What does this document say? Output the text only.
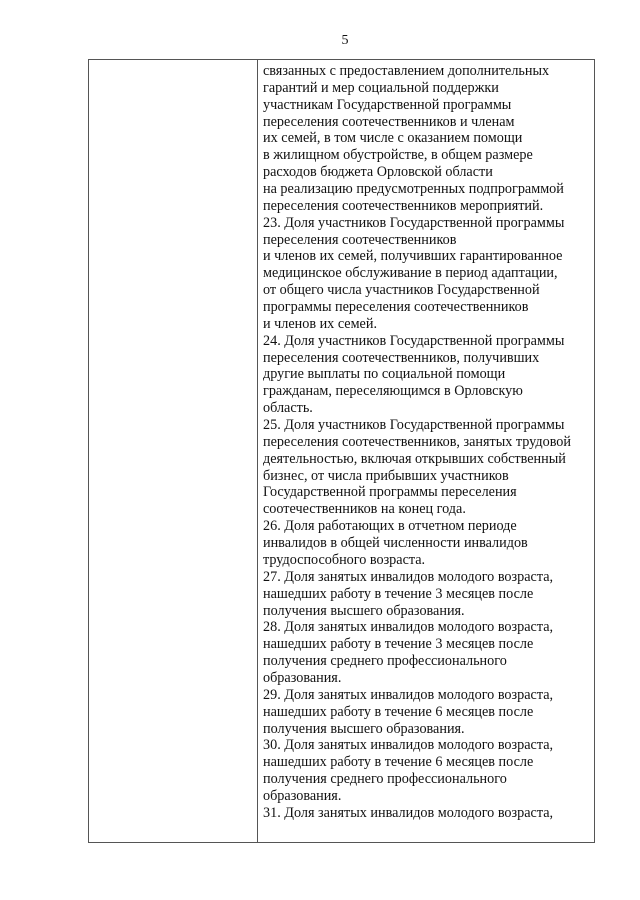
5
связанных с предоставлением дополнительных
гарантий и мер социальной поддержки
участникам Государственной программы
переселения соотечественников и членам
их семей, в том числе с оказанием помощи
в жилищном обустройстве, в общем размере
расходов бюджета Орловской области
на реализацию предусмотренных подпрограммой
переселения соотечественников мероприятий.
23. Доля участников Государственной программы
переселения соотечественников
и членов их семей, получивших гарантированное
медицинское обслуживание в период адаптации,
от общего числа участников Государственной
программы переселения соотечественников
и членов их семей.
24. Доля участников Государственной программы
переселения соотечественников, получивших
другие выплаты по социальной помощи
гражданам, переселяющимся в Орловскую
область.
25. Доля участников Государственной программы
переселения соотечественников, занятых трудовой
деятельностью, включая открывших собственный
бизнес, от числа прибывших участников
Государственной программы переселения
соотечественников на конец года.
26. Доля работающих в отчетном периоде
инвалидов в общей численности инвалидов
трудоспособного возраста.
27. Доля занятых инвалидов молодого возраста,
нашедших работу в течение 3 месяцев после
получения высшего образования.
28. Доля занятых инвалидов молодого возраста,
нашедших работу в течение 3 месяцев после
получения среднего профессионального
образования.
29. Доля занятых инвалидов молодого возраста,
нашедших работу в течение 6 месяцев после
получения высшего образования.
30. Доля занятых инвалидов молодого возраста,
нашедших работу в течение 6 месяцев после
получения среднего профессионального
образования.
31. Доля занятых инвалидов молодого возраста,
